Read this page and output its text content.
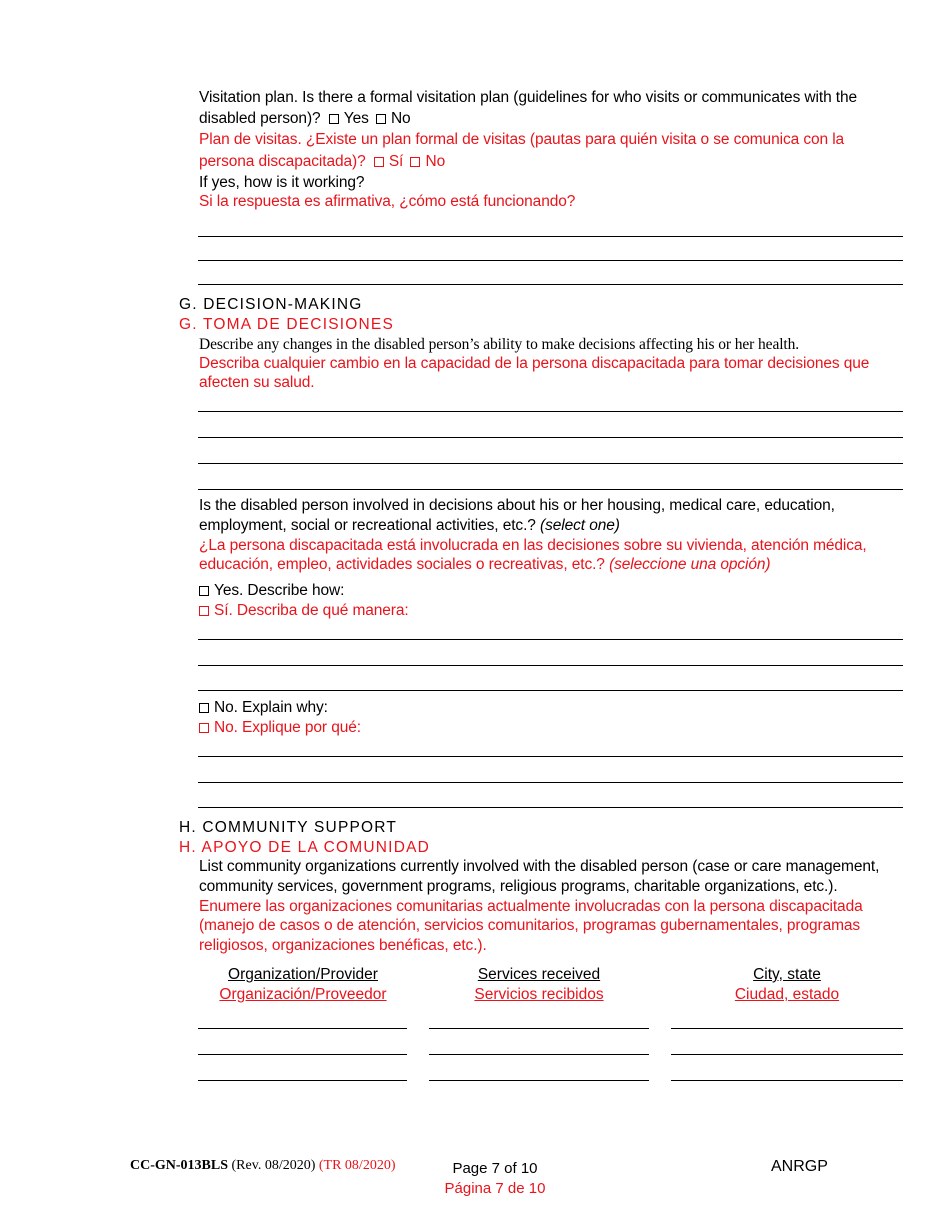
Visitation plan. Is there a formal visitation plan (guidelines for who visits or communicates with the
disabled person)? Yes No
Plan de visitas. ¿Existe un plan formal de visitas (pautas para quién visita o se comunica con la
persona discapacitada)? Sí No
If yes, how is it working?
Si la respuesta es afirmativa, ¿cómo está funcionando?
G. DECISION-MAKING
G. TOMA DE DECISIONES
Describe any changes in the disabled person’s ability to make decisions affecting his or her health.
Describa cualquier cambio en la capacidad de la persona discapacitada para tomar decisiones que
afecten su salud.
Is the disabled person involved in decisions about his or her housing, medical care, education,
employment, social or recreational activities, etc.? (select one)
¿La persona discapacitada está involucrada en las decisiones sobre su vivienda, atención médica,
educación, empleo, actividades sociales o recreativas, etc.? (seleccione una opción)
Yes. Describe how:
Sí. Describa de qué manera:
No. Explain why:
No. Explique por qué:
H. COMMUNITY SUPPORT
H. APOYO DE LA COMUNIDAD
List community organizations currently involved with the disabled person (case or care management,
community services, government programs, religious programs, charitable organizations, etc.).
Enumere las organizaciones comunitarias actualmente involucradas con la persona discapacitada
(manejo de casos o de atención, servicios comunitarios, programas gubernamentales, programas
religiosos, organizaciones benéficas, etc.).
Organization/Provider
Organización/Proveedor
Services received
Servicios recibidos
City, state
Ciudad, estado
CC-GN-013BLS (Rev. 08/2020) (TR 08/2020)	Page 7 of 10
Página 7 de 10
ANRGP
